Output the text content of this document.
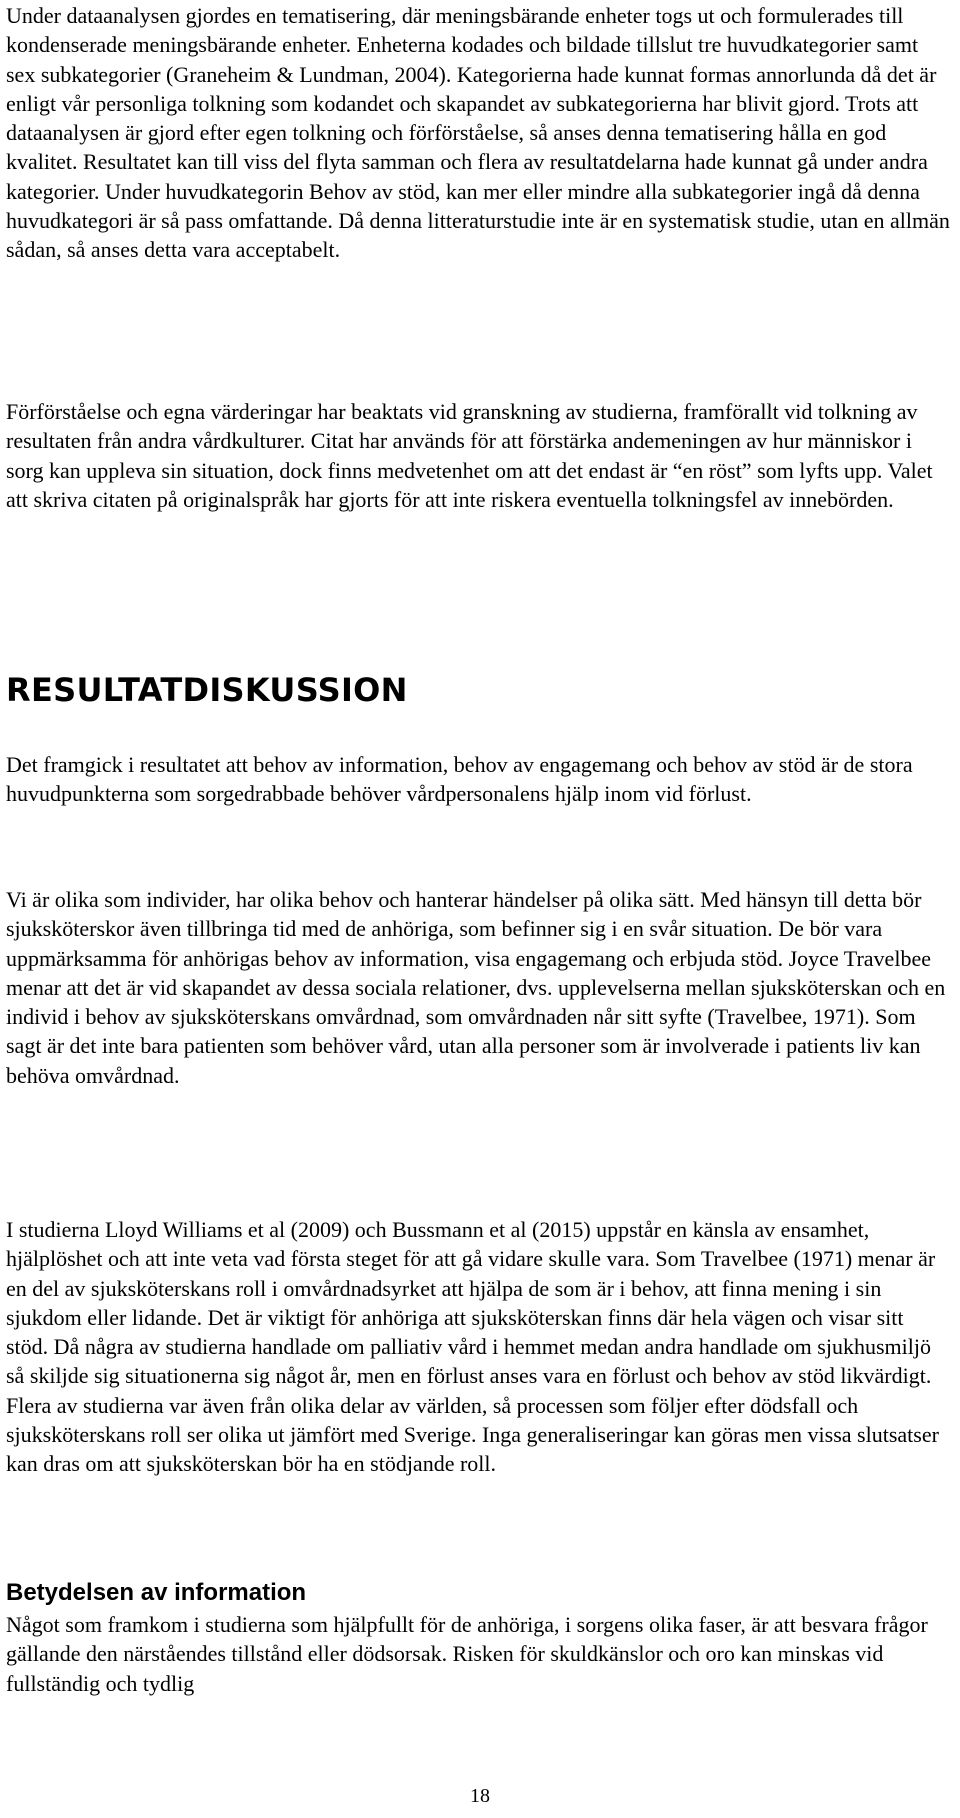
Under dataanalysen gjordes en tematisering, där meningsbärande enheter togs ut och formulerades till kondenserade meningsbärande enheter. Enheterna kodades och bildade tillslut tre huvudkategorier samt sex subkategorier (Graneheim & Lundman, 2004). Kategorierna hade kunnat formas annorlunda då det är enligt vår personliga tolkning som kodandet och skapandet av subkategorierna har blivit gjord. Trots att dataanalysen är gjord efter egen tolkning och förförståelse, så anses denna tematisering hålla en god kvalitet. Resultatet kan till viss del flyta samman och flera av resultatdelarna hade kunnat gå under andra kategorier. Under huvudkategorin Behov av stöd, kan mer eller mindre alla subkategorier ingå då denna huvudkategori är så pass omfattande. Då denna litteraturstudie inte är en systematisk studie, utan en allmän sådan, så anses detta vara acceptabelt.

Förförståelse och egna värderingar har beaktats vid granskning av studierna, framförallt vid tolkning av resultaten från andra vårdkulturer. Citat har används för att förstärka andemeningen av hur människor i sorg kan uppleva sin situation, dock finns medvetenhet om att det endast är “en röst” som lyfts upp. Valet att skriva citaten på originalspråk har gjorts för att inte riskera eventuella tolkningsfel av innebörden.

RESULTATDISKUSSION

Det framgick i resultatet att behov av information, behov av engagemang och behov av stöd är de stora huvudpunkterna som sorgedrabbade behöver vårdpersonalens hjälp inom vid förlust.

Vi är olika som individer, har olika behov och hanterar händelser på olika sätt. Med hänsyn till detta bör sjuksköterskor även tillbringa tid med de anhöriga, som befinner sig i en svår situation. De bör vara uppmärksamma för anhörigas behov av information, visa engagemang och erbjuda stöd. Joyce Travelbee menar att det är vid skapandet av dessa sociala relationer, dvs. upplevelserna mellan sjuksköterskan och en individ i behov av sjuksköterskans omvårdnad, som omvårdnaden når sitt syfte (Travelbee, 1971). Som sagt är det inte bara patienten som behöver vård, utan alla personer som är involverade i patients liv kan behöva omvårdnad.

I studierna Lloyd Williams et al (2009) och Bussmann et al (2015) uppstår en känsla av ensamhet, hjälplöshet och att inte veta vad första steget för att gå vidare skulle vara. Som Travelbee (1971) menar är en del av sjuksköterskans roll i omvårdnadsyrket att hjälpa de som är i behov, att finna mening i sin sjukdom eller lidande. Det är viktigt för anhöriga att sjuksköterskan finns där hela vägen och visar sitt stöd. Då några av studierna handlade om palliativ vård i hemmet medan andra handlade om sjukhusmiljö så skiljde sig situationerna sig något år, men en förlust anses vara en förlust och behov av stöd likvärdigt. Flera av studierna var även från olika delar av världen, så processen som följer efter dödsfall och sjuksköterskans roll ser olika ut jämfört med Sverige. Inga generaliseringar kan göras men vissa slutsatser kan dras om att sjuksköterskan bör ha en stödjande roll.

Betydelsen av information

Något som framkom i studierna som hjälpfullt för de anhöriga, i sorgens olika faser, är att besvara frågor gällande den närståendes tillstånd eller dödsorsak. Risken för skuldkänslor och oro kan minskas vid fullständig och tydlig

18
